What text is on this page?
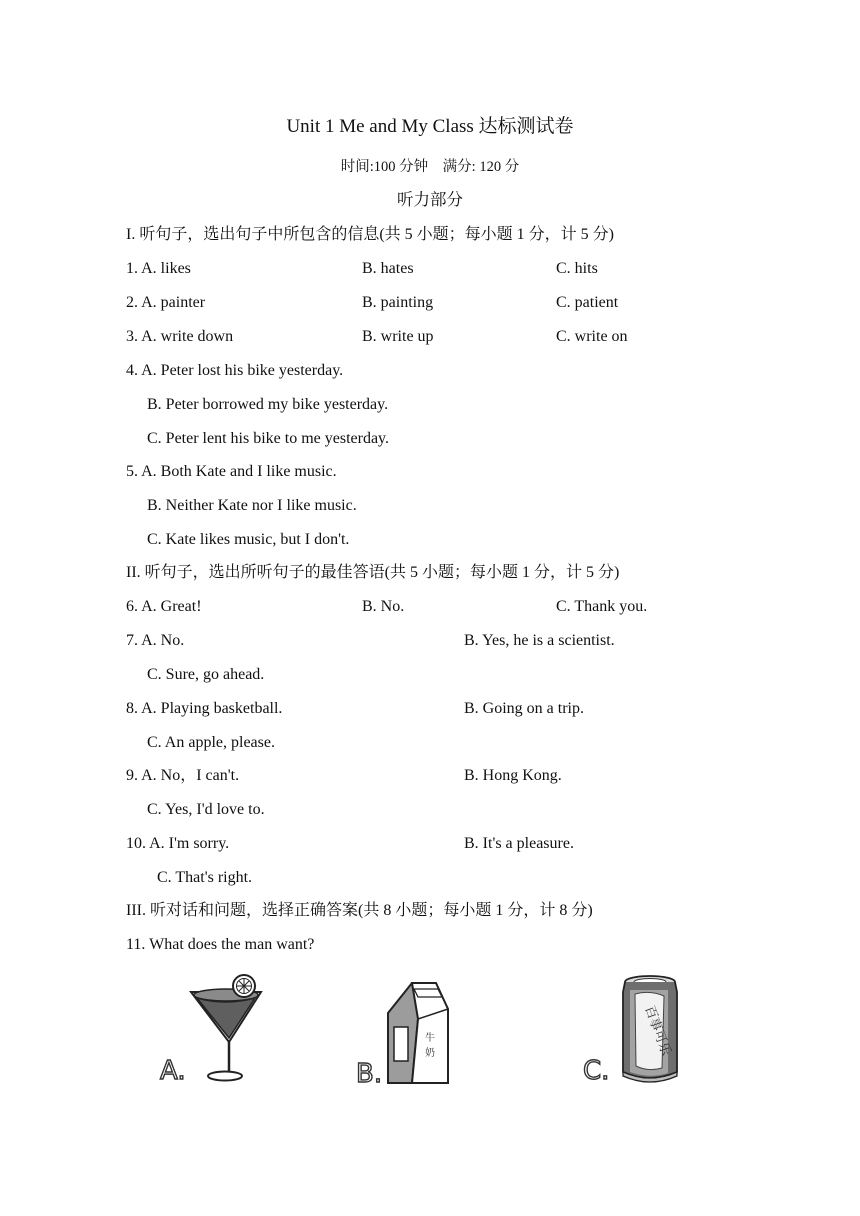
Unit 1 Me and My Class 达标测试卷
时间:100 分钟　满分: 120 分
听力部分
I. 听句子，选出句子中所包含的信息(共 5 小题；每小题 1 分，计 5 分)
1. A. likes	B. hates	C. hits
2. A. painter	B. painting	C. patient
3. A. write down	B. write up	C. write on
4. A. Peter lost his bike yesterday.
B. Peter borrowed my bike yesterday.
C. Peter lent his bike to me yesterday.
5. A. Both Kate and I like music.
B. Neither Kate nor I like music.
C. Kate likes music, but I don't.
II. 听句子，选出所听句子的最佳答语(共 5 小题；每小题 1 分，计 5 分)
6. A. Great!	B. No.	C. Thank you.
7. A. No.	B. Yes, he is a scientist.
C. Sure, go ahead.
8. A. Playing basketball.	B. Going on a trip.
C. An apple, please.
9. A. No，I can't.	B. Hong Kong.
C. Yes, I'd love to.
10. A. I'm sorry.	B. It's a pleasure.
C. That's right.
III. 听对话和问题，选择正确答案(共 8 小题；每小题 1 分，计 8 分)
11. What does the man want?
A.
牛
奶
B.
百事可乐
C.
